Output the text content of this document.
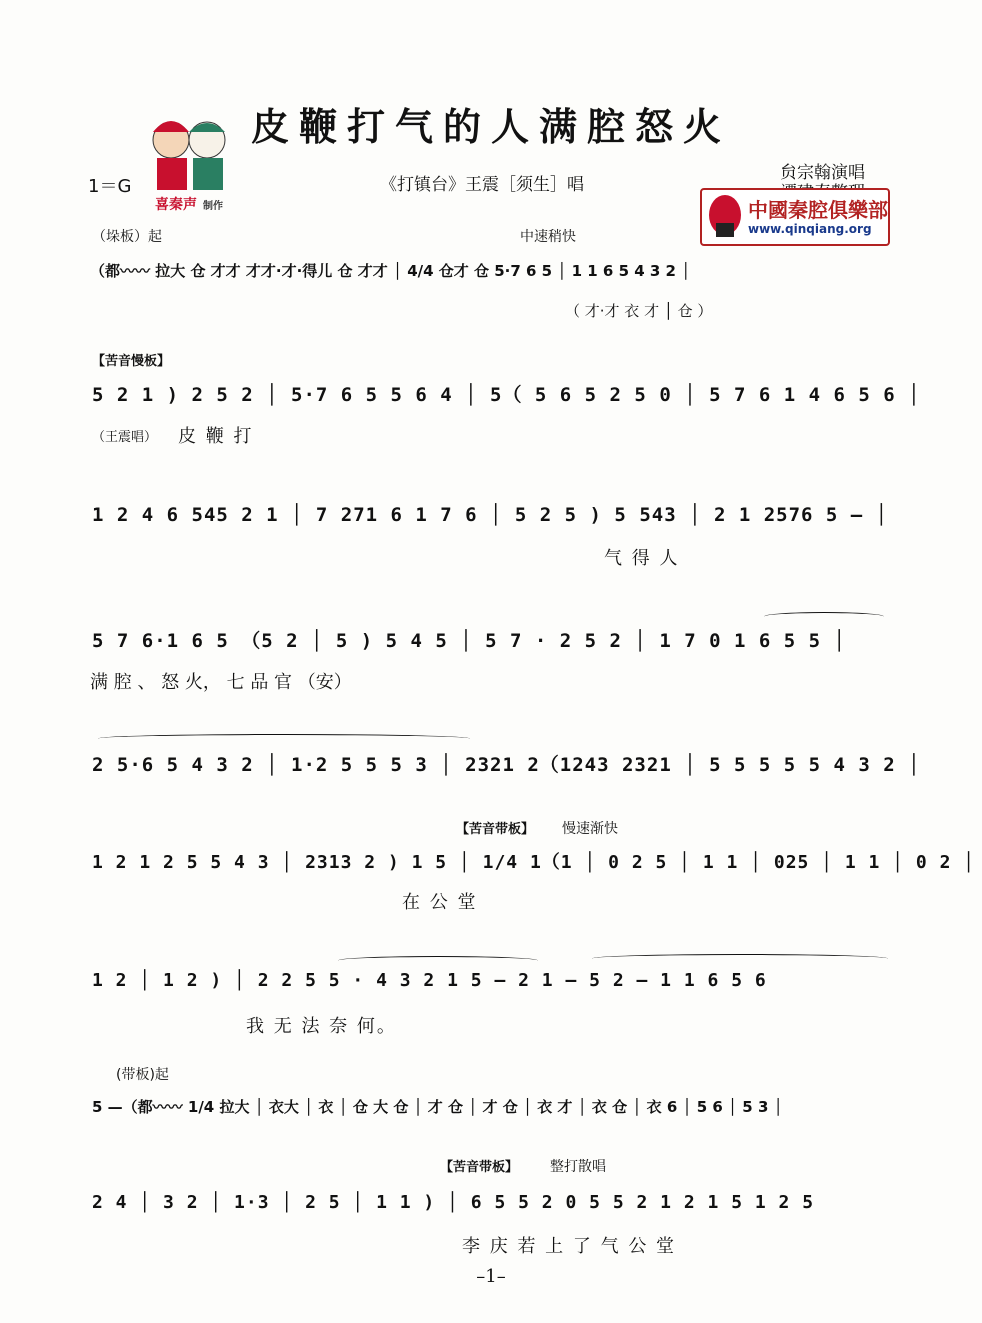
皮鞭打气的人满腔怒火
1＝G	《打镇台》王震［须生］唱
贠宗翰演唱
喜秦声 制作	中國秦腔俱樂部
www.qinqiang.org
（垛板）起	中速稍快
（都〰〰 拉大 仓 才才 才才·才·得儿 仓 才才 │ 4/4 仓才 仓 5·7 6 5 │ 1 1 6 5 4 3 2 │
（ 才·才 衣 才 │ 仓 ）
【苦音慢板】
5 2 1 ) 2 5 2 │ 5·7 6 5 5 6 4 │ 5（ 5 6 5 2 5 0 │ 5 7 6 1 4 6 5 6 │
（王震唱） 皮 鞭 打
1 2 4 6 545 2 1 │ 7 271 6 1 7 6 │ 5 2 5 ) 5 543 │ 2 1 2576 5 — │
气 得 人
5 7 6·1 6 5 （5 2 │ 5 ) 5 4 5 │ 5 7 · 2 5 2 │ 1 7 0 1 6 5 5 │
满 腔 、 怒 火， 七 品 官 （安）
2 5·6 5 4 3 2 │ 1·2 5 5 5 3 │ 2321 2（1243 2321 │ 5 5 5 5 5 4 3 2 │
【苦音带板】 慢速渐快
1 2 1 2 5 5 4 3 │ 2313 2 ) 1 5 │ 1/4 1（1 │ 0 2 5 │ 1 1 │ 025 │ 1 1 │ 0 2 │
在 公 堂
1 2 │ 1 2 ) │ 2 2 5 5 · 4 3 2 1 5 — 2 1 — 5 2 — 1 1 6 5 6
我 无 法 奈 何。
(带板)起
5 —（都〰〰 1/4 拉大 │ 衣大 │ 衣 │ 仓 大 仓 │ 才 仓 │ 才 仓 │ 衣 才 │ 衣 仓 │ 衣 6 │ 5 6 │ 5 3 │
【苦音带板】 整打散唱
2 4 │ 3 2 │ 1·3 │ 2 5 │ 1 1 ) │ 6 5 5 2 0 5 5 2 1 2 1 5 1 2 5
李 庆 若 上 了 气 公 堂
–1–
